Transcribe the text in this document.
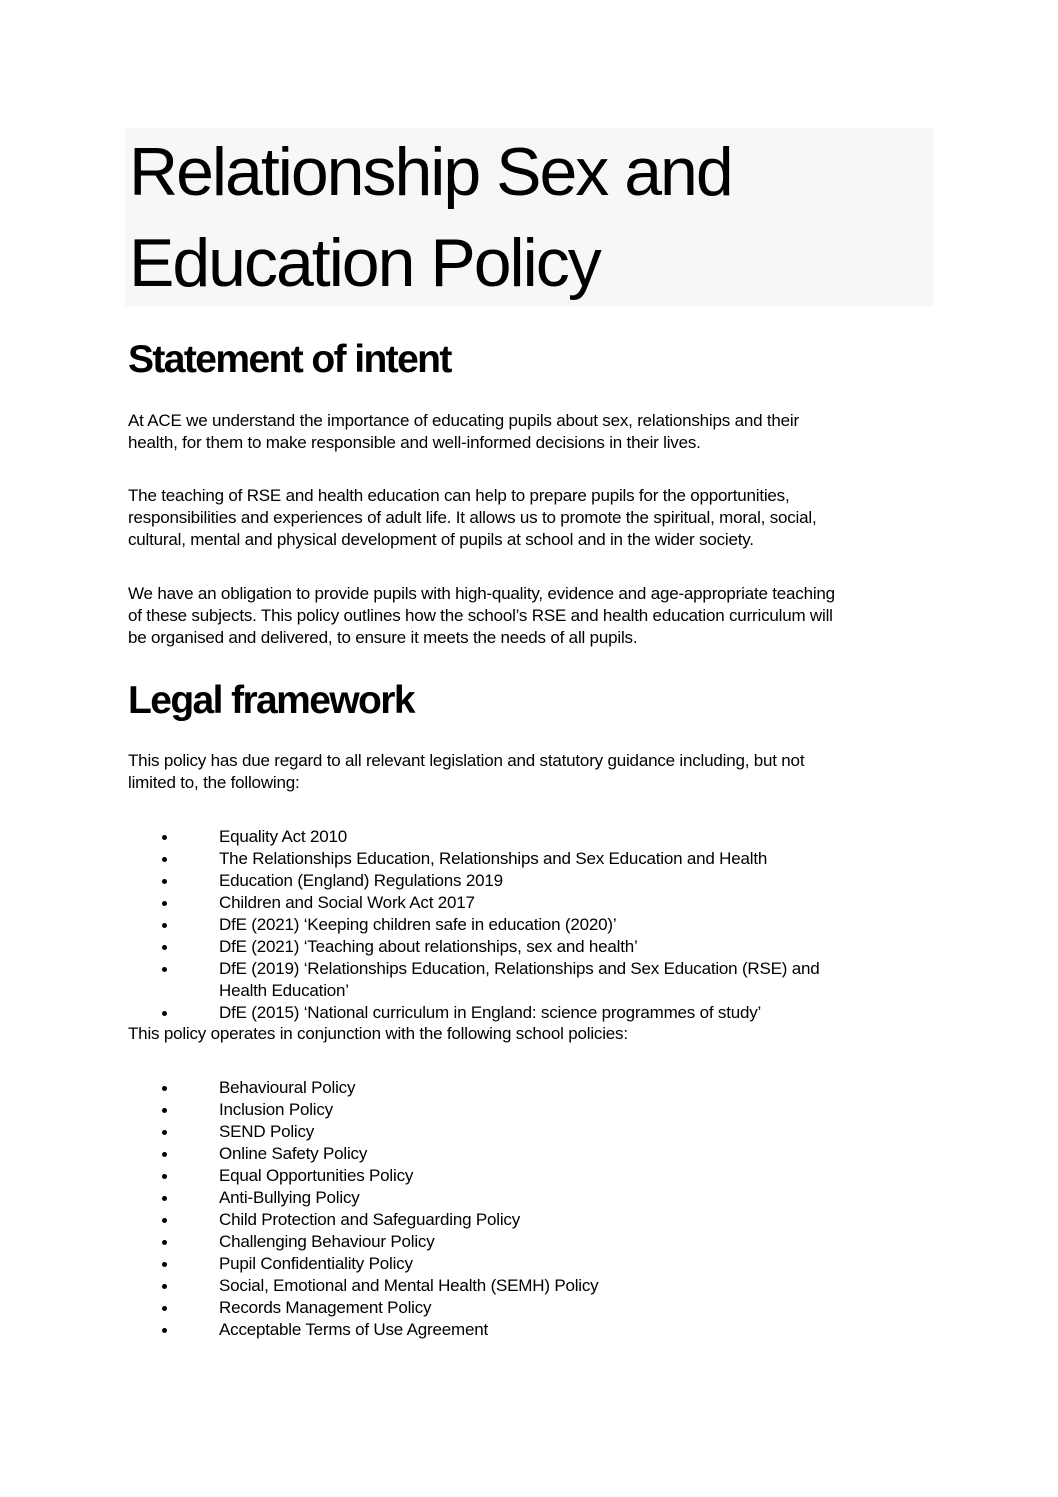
Relationship Sex and
Education Policy
Statement of intent
At ACE we understand the importance of educating pupils about sex, relationships and their
health, for them to make responsible and well-informed decisions in their lives.
The teaching of RSE and health education can help to prepare pupils for the opportunities,
responsibilities and experiences of adult life. It allows us to promote the spiritual, moral, social,
cultural, mental and physical development of pupils at school and in the wider society.
We have an obligation to provide pupils with high-quality, evidence and age-appropriate teaching
of these subjects. This policy outlines how the school’s RSE and health education curriculum will
be organised and delivered, to ensure it meets the needs of all pupils.
Legal framework
This policy has due regard to all relevant legislation and statutory guidance including, but not
limited to, the following:
Equality Act 2010
The Relationships Education, Relationships and Sex Education and Health
Education (England) Regulations 2019
Children and Social Work Act 2017
DfE (2021) ‘Keeping children safe in education (2020)’
DfE (2021) ‘Teaching about relationships, sex and health’
DfE (2019) ‘Relationships Education, Relationships and Sex Education (RSE) and
Health Education’
DfE (2015) ‘National curriculum in England: science programmes of study’
This policy operates in conjunction with the following school policies:
Behavioural Policy
Inclusion Policy
SEND Policy
Online Safety Policy
Equal Opportunities Policy
Anti-Bullying Policy
Child Protection and Safeguarding Policy
Challenging Behaviour Policy
Pupil Confidentiality Policy
Social, Emotional and Mental Health (SEMH) Policy
Records Management Policy
Acceptable Terms of Use Agreement
